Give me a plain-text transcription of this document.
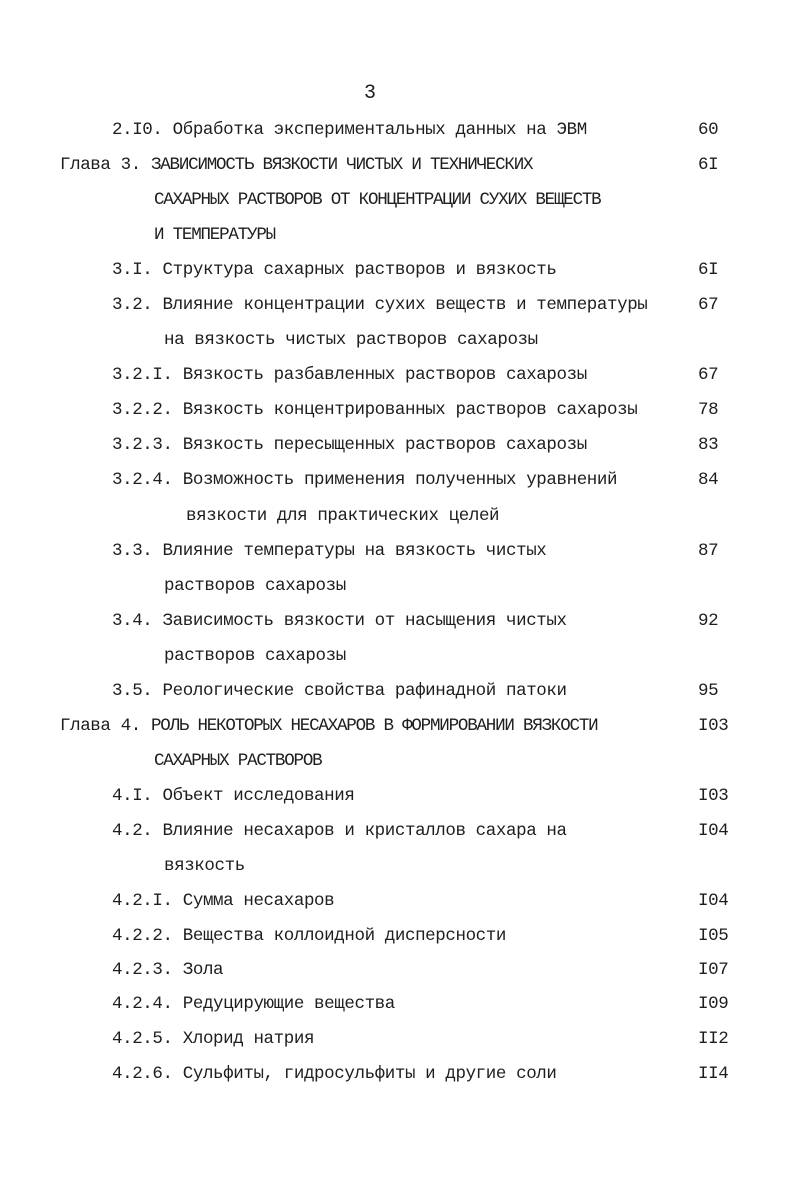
3
2.I0. Обработка экспериментальных данных на ЭВМ	60
Глава 3. ЗАВИСИМОСТЬ ВЯЗКОСТИ ЧИСТЫХ И ТЕХНИЧЕСКИХ	6I
САХАРНЫХ РАСТВОРОВ ОТ КОНЦЕНТРАЦИИ СУХИХ ВЕЩЕСТВ
И ТЕМПЕРАТУРЫ
3.I. Структура сахарных растворов и вязкость	6I
3.2. Влияние концентрации сухих веществ и температуры	67
на вязкость чистых растворов сахарозы
3.2.I. Вязкость разбавленных растворов сахарозы	67
3.2.2. Вязкость концентрированных растворов сахарозы	78
3.2.3. Вязкость пересыщенных растворов сахарозы	83
3.2.4. Возможность применения полученных уравнений	84
вязкости для практических целей
3.3. Влияние температуры на вязкость чистых	87
растворов сахарозы
3.4. Зависимость вязкости от насыщения чистых	92
растворов сахарозы
3.5. Реологические свойства рафинадной патоки	95
Глава 4. РОЛЬ НЕКОТОРЫХ НЕСАХАРОВ В ФОРМИРОВАНИИ ВЯЗКОСТИ	I03
САХАРНЫХ РАСТВОРОВ
4.I. Объект исследования	I03
4.2. Влияние несахаров и кристаллов сахара на	I04
вязкость
4.2.I. Сумма несахаров	I04
4.2.2. Вещества коллоидной дисперсности	I05
4.2.3. Зола	I07
4.2.4. Редуцирующие вещества	I09
4.2.5. Хлорид натрия	II2
4.2.6. Сульфиты, гидросульфиты и другие соли	II4
